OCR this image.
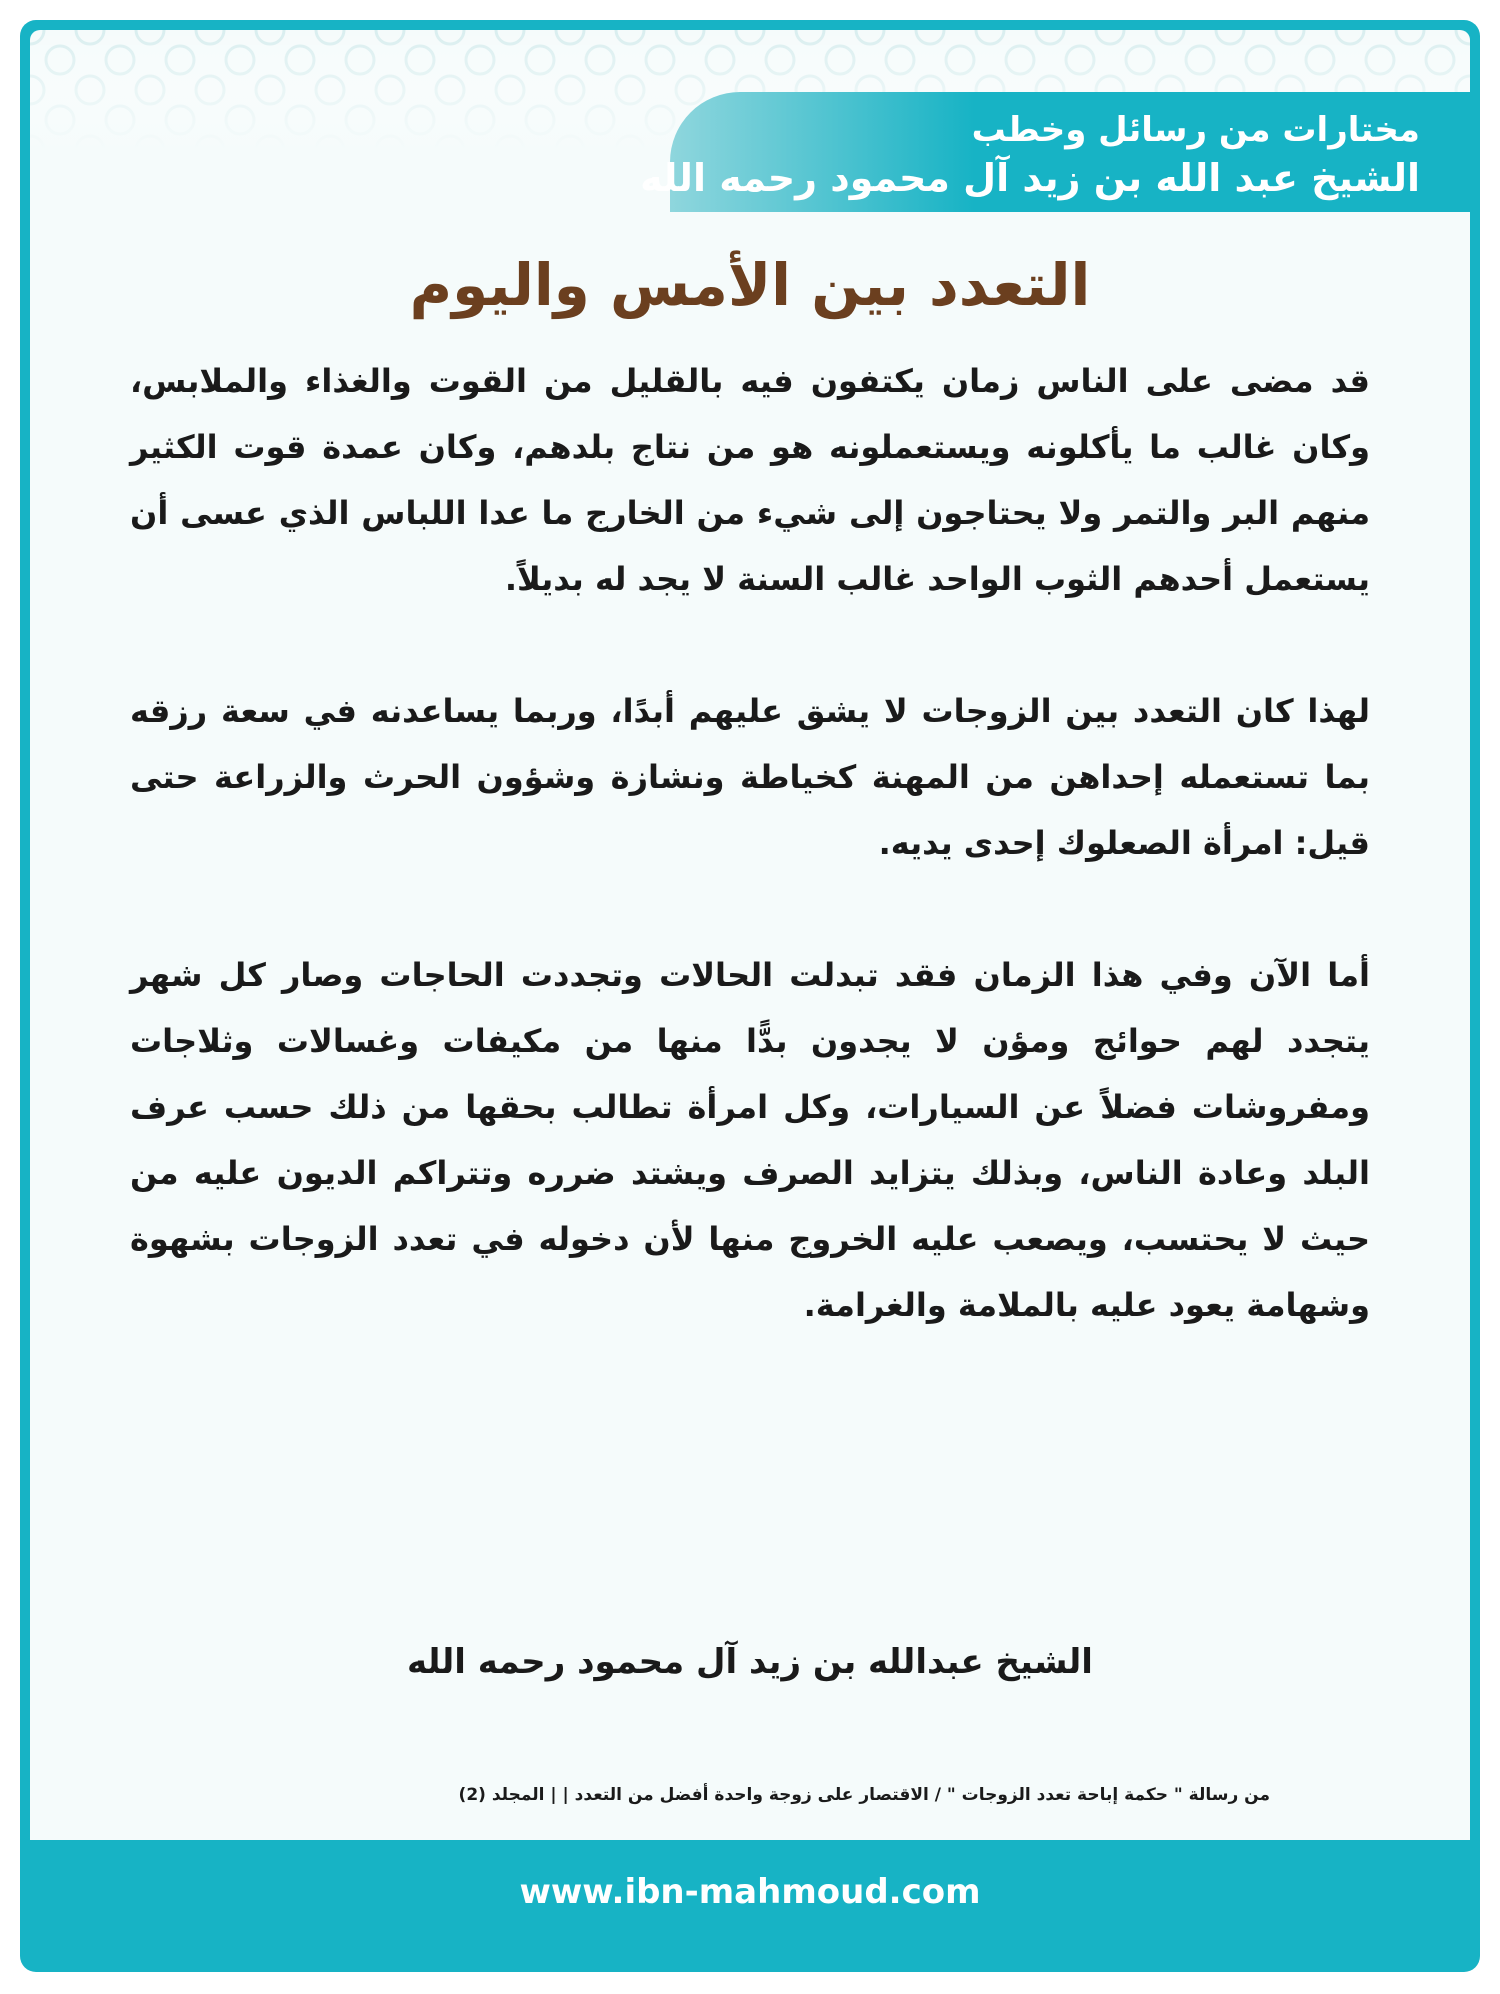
مختارات من رسائل وخطب
الشيخ عبد الله بن زيد آل محمود رحمه الله
التعدد بين الأمس واليوم

قد مضى على الناس زمان يكتفون فيه بالقليل من القوت والغذاء والملابس، وكان غالب ما يأكلونه ويستعملونه هو من نتاج بلدهم، وكان عمدة قوت الكثير منهم البر والتمر ولا يحتاجون إلى شيء من الخارج ما عدا اللباس الذي عسى أن يستعمل أحدهم الثوب الواحد غالب السنة لا يجد له بديلاً.

لهذا كان التعدد بين الزوجات لا يشق عليهم أبدًا، وربما يساعدنه في سعة رزقه بما تستعمله إحداهن من المهنة كخياطة ونشازة وشؤون الحرث والزراعة حتى قيل: امرأة الصعلوك إحدى يديه.

أما الآن وفي هذا الزمان فقد تبدلت الحالات وتجددت الحاجات وصار كل شهر يتجدد لهم حوائج ومؤن لا يجدون بدًّا منها من مكيفات وغسالات وثلاجات ومفروشات فضلاً عن السيارات، وكل امرأة تطالب بحقها من ذلك حسب عرف البلد وعادة الناس، وبذلك يتزايد الصرف ويشتد ضرره وتتراكم الديون عليه من حيث لا يحتسب، ويصعب عليه الخروج منها لأن دخوله في تعدد الزوجات بشهوة وشهامة يعود عليه بالملامة والغرامة.

الشيخ عبدالله بن زيد آل محمود رحمه الله
من رسالة " حكمة إباحة تعدد الزوجات " / الاقتصار على زوجة واحدة أفضل من التعدد | | المجلد (2)
www.ibn-mahmoud.com
